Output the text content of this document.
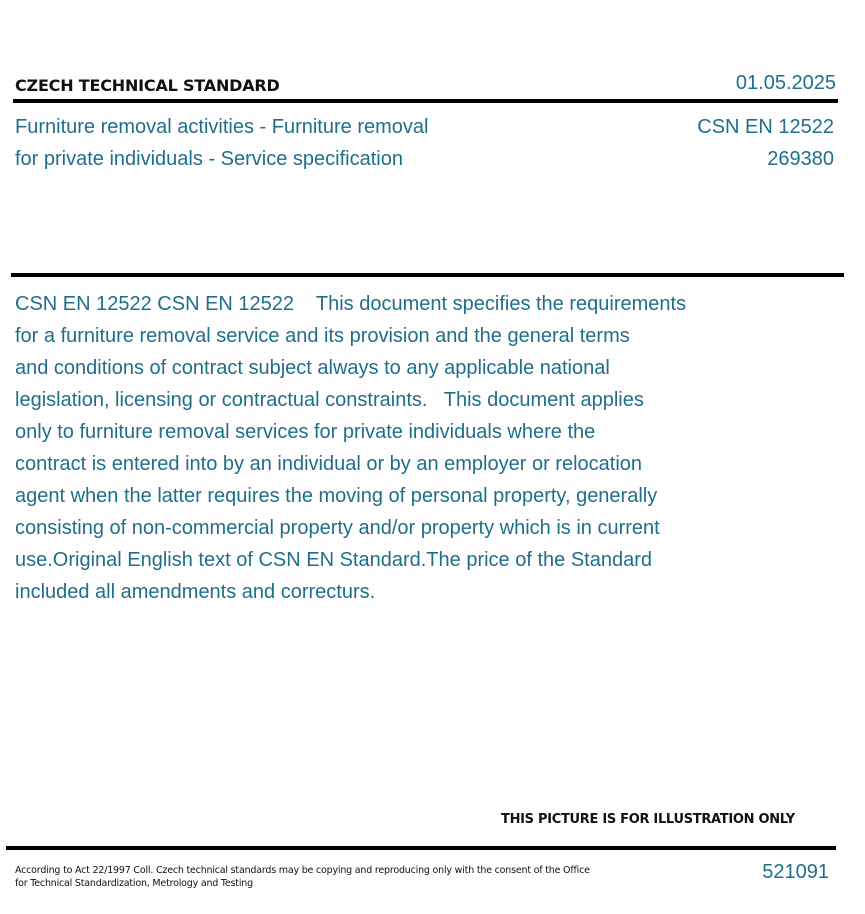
CZECH TECHNICAL STANDARD	01.05.2025
Furniture removal activities - Furniture removal
for private individuals - Service specification
CSN EN 12522
269380
CSN EN 12522 CSN EN 12522    This document specifies the requirements
for a furniture removal service and its provision and the general terms
and conditions of contract subject always to any applicable national
legislation, licensing or contractual constraints.   This document applies
only to furniture removal services for private individuals where the
contract is entered into by an individual or by an employer or relocation
agent when the latter requires the moving of personal property, generally
consisting of non-commercial property and/or property which is in current
use.Original English text of CSN EN Standard.The price of the Standard
included all amendments and correcturs.
THIS PICTURE IS FOR ILLUSTRATION ONLY
According to Act 22/1997 Coll. Czech technical standards may be copying and reproducing only with the consent of the Office
for Technical Standardization, Metrology and Testing
521091
